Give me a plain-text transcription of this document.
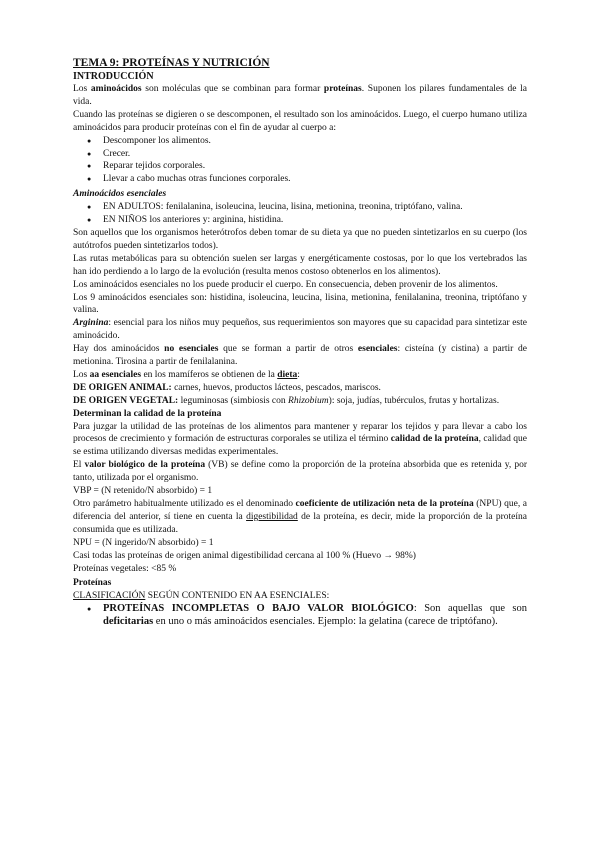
TEMA 9: PROTEÍNAS Y NUTRICIÓN
INTRODUCCIÓN

Los aminoácidos son moléculas que se combinan para formar proteínas. Suponen los pilares fundamentales de la vida.

Cuando las proteínas se digieren o se descomponen, el resultado son los aminoácidos. Luego, el cuerpo humano utiliza aminoácidos para producir proteínas con el fin de ayudar al cuerpo a:

● Descomponer los alimentos.
● Crecer.
● Reparar tejidos corporales.
● Llevar a cabo muchas otras funciones corporales.
Aminoácidos esenciales
● EN ADULTOS: fenilalanina, isoleucina, leucina, lisina, metionina, treonina, triptófano, valina.
● EN NIÑOS los anteriores y: arginina, histidina.

Son aquellos que los organismos heterótrofos deben tomar de su dieta ya que no pueden sintetizarlos en su cuerpo (los autótrofos pueden sintetizarlos todos).

Las rutas metabólicas para su obtención suelen ser largas y energéticamente costosas, por lo que los vertebrados las han ido perdiendo a lo largo de la evolución (resulta menos costoso obtenerlos en los alimentos).

Los aminoácidos esenciales no los puede producir el cuerpo. En consecuencia, deben provenir de los alimentos.

Los 9 aminoácidos esenciales son: histidina, isoleucina, leucina, lisina, metionina, fenilalanina, treonina, triptófano y valina.

Arginina: esencial para los niños muy pequeños, sus requerimientos son mayores que su capacidad para sintetizar este aminoácido.

Hay dos aminoácidos no esenciales que se forman a partir de otros esenciales: cisteína (y cistina) a partir de metionina. Tirosina a partir de fenilalanina.

Los aa esenciales en los mamíferos se obtienen de la dieta:

DE ORIGEN ANIMAL: carnes, huevos, productos lácteos, pescados, mariscos.

DE ORIGEN VEGETAL: leguminosas (simbiosis con Rhizobium): soja, judías, tubérculos, frutas y hortalizas.

Determinan la calidad de la proteína

Para juzgar la utilidad de las proteínas de los alimentos para mantener y reparar los tejidos y para llevar a cabo los procesos de crecimiento y formación de estructuras corporales se utiliza el término calidad de la proteína, calidad que se estima utilizando diversas medidas experimentales.

El valor biológico de la proteína (VB) se define como la proporción de la proteína absorbida que es retenida y, por tanto, utilizada por el organismo.

VBP = (N retenido/N absorbido) = 1

Otro parámetro habitualmente utilizado es el denominado coeficiente de utilización neta de la proteína (NPU) que, a diferencia del anterior, sí tiene en cuenta la digestibilidad de la proteína, es decir, mide la proporción de la proteína consumida que es utilizada.

NPU = (N ingerido/N absorbido) = 1

Casi todas las proteínas de origen animal digestibilidad cercana al 100 % (Huevo → 98%)

Proteínas vegetales: <85 %

Proteínas

CLASIFICACIÓN SEGÚN CONTENIDO EN AA ESENCIALES:

● PROTEÍNAS INCOMPLETAS O BAJO VALOR BIOLÓGICO: Son aquellas que son deficitarias en uno o más aminoácidos esenciales. Ejemplo: la gelatina (carece de triptófano).
